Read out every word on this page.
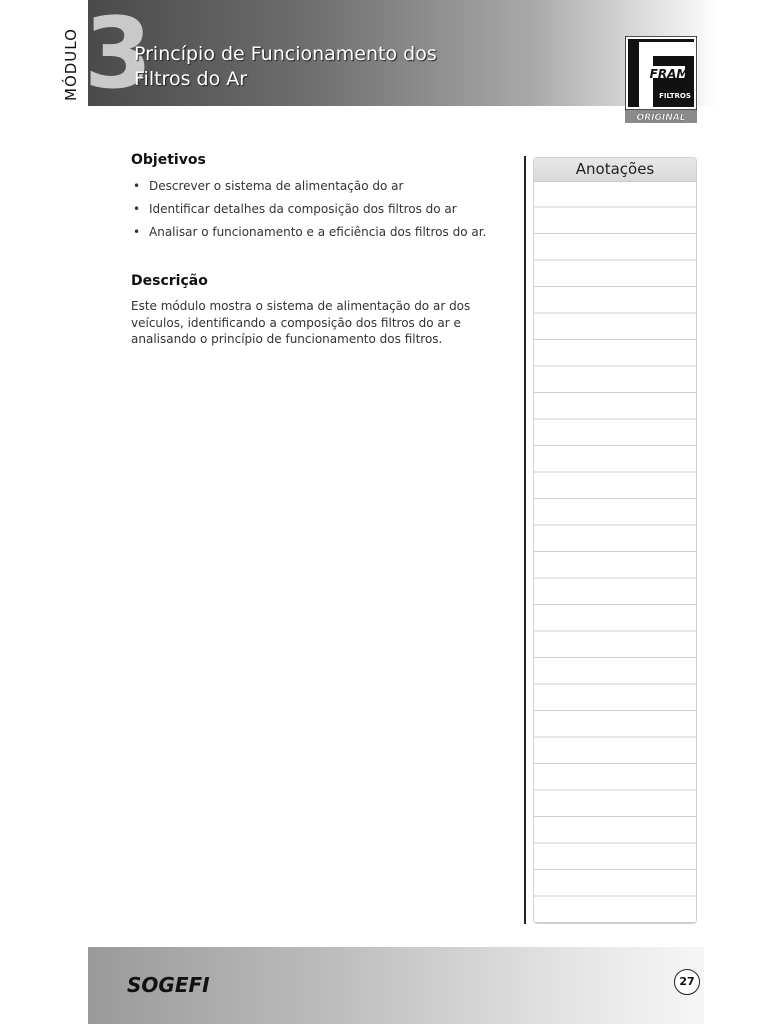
MÓDULO 3
Princípio de Funcionamento dos
Filtros do Ar	FRAM
FILTROS
ORIGINAL
Objetivos
• Descrever o sistema de alimentação do ar
• Identificar detalhes da composição dos filtros do ar
• Analisar o funcionamento e a eficiência dos filtros do ar.
Descrição
Este módulo mostra o sistema de alimentação do ar dos veículos, identificando a composição dos filtros do ar e analisando o princípio de funcionamento dos filtros.
Anotações
SOGEFI	27
